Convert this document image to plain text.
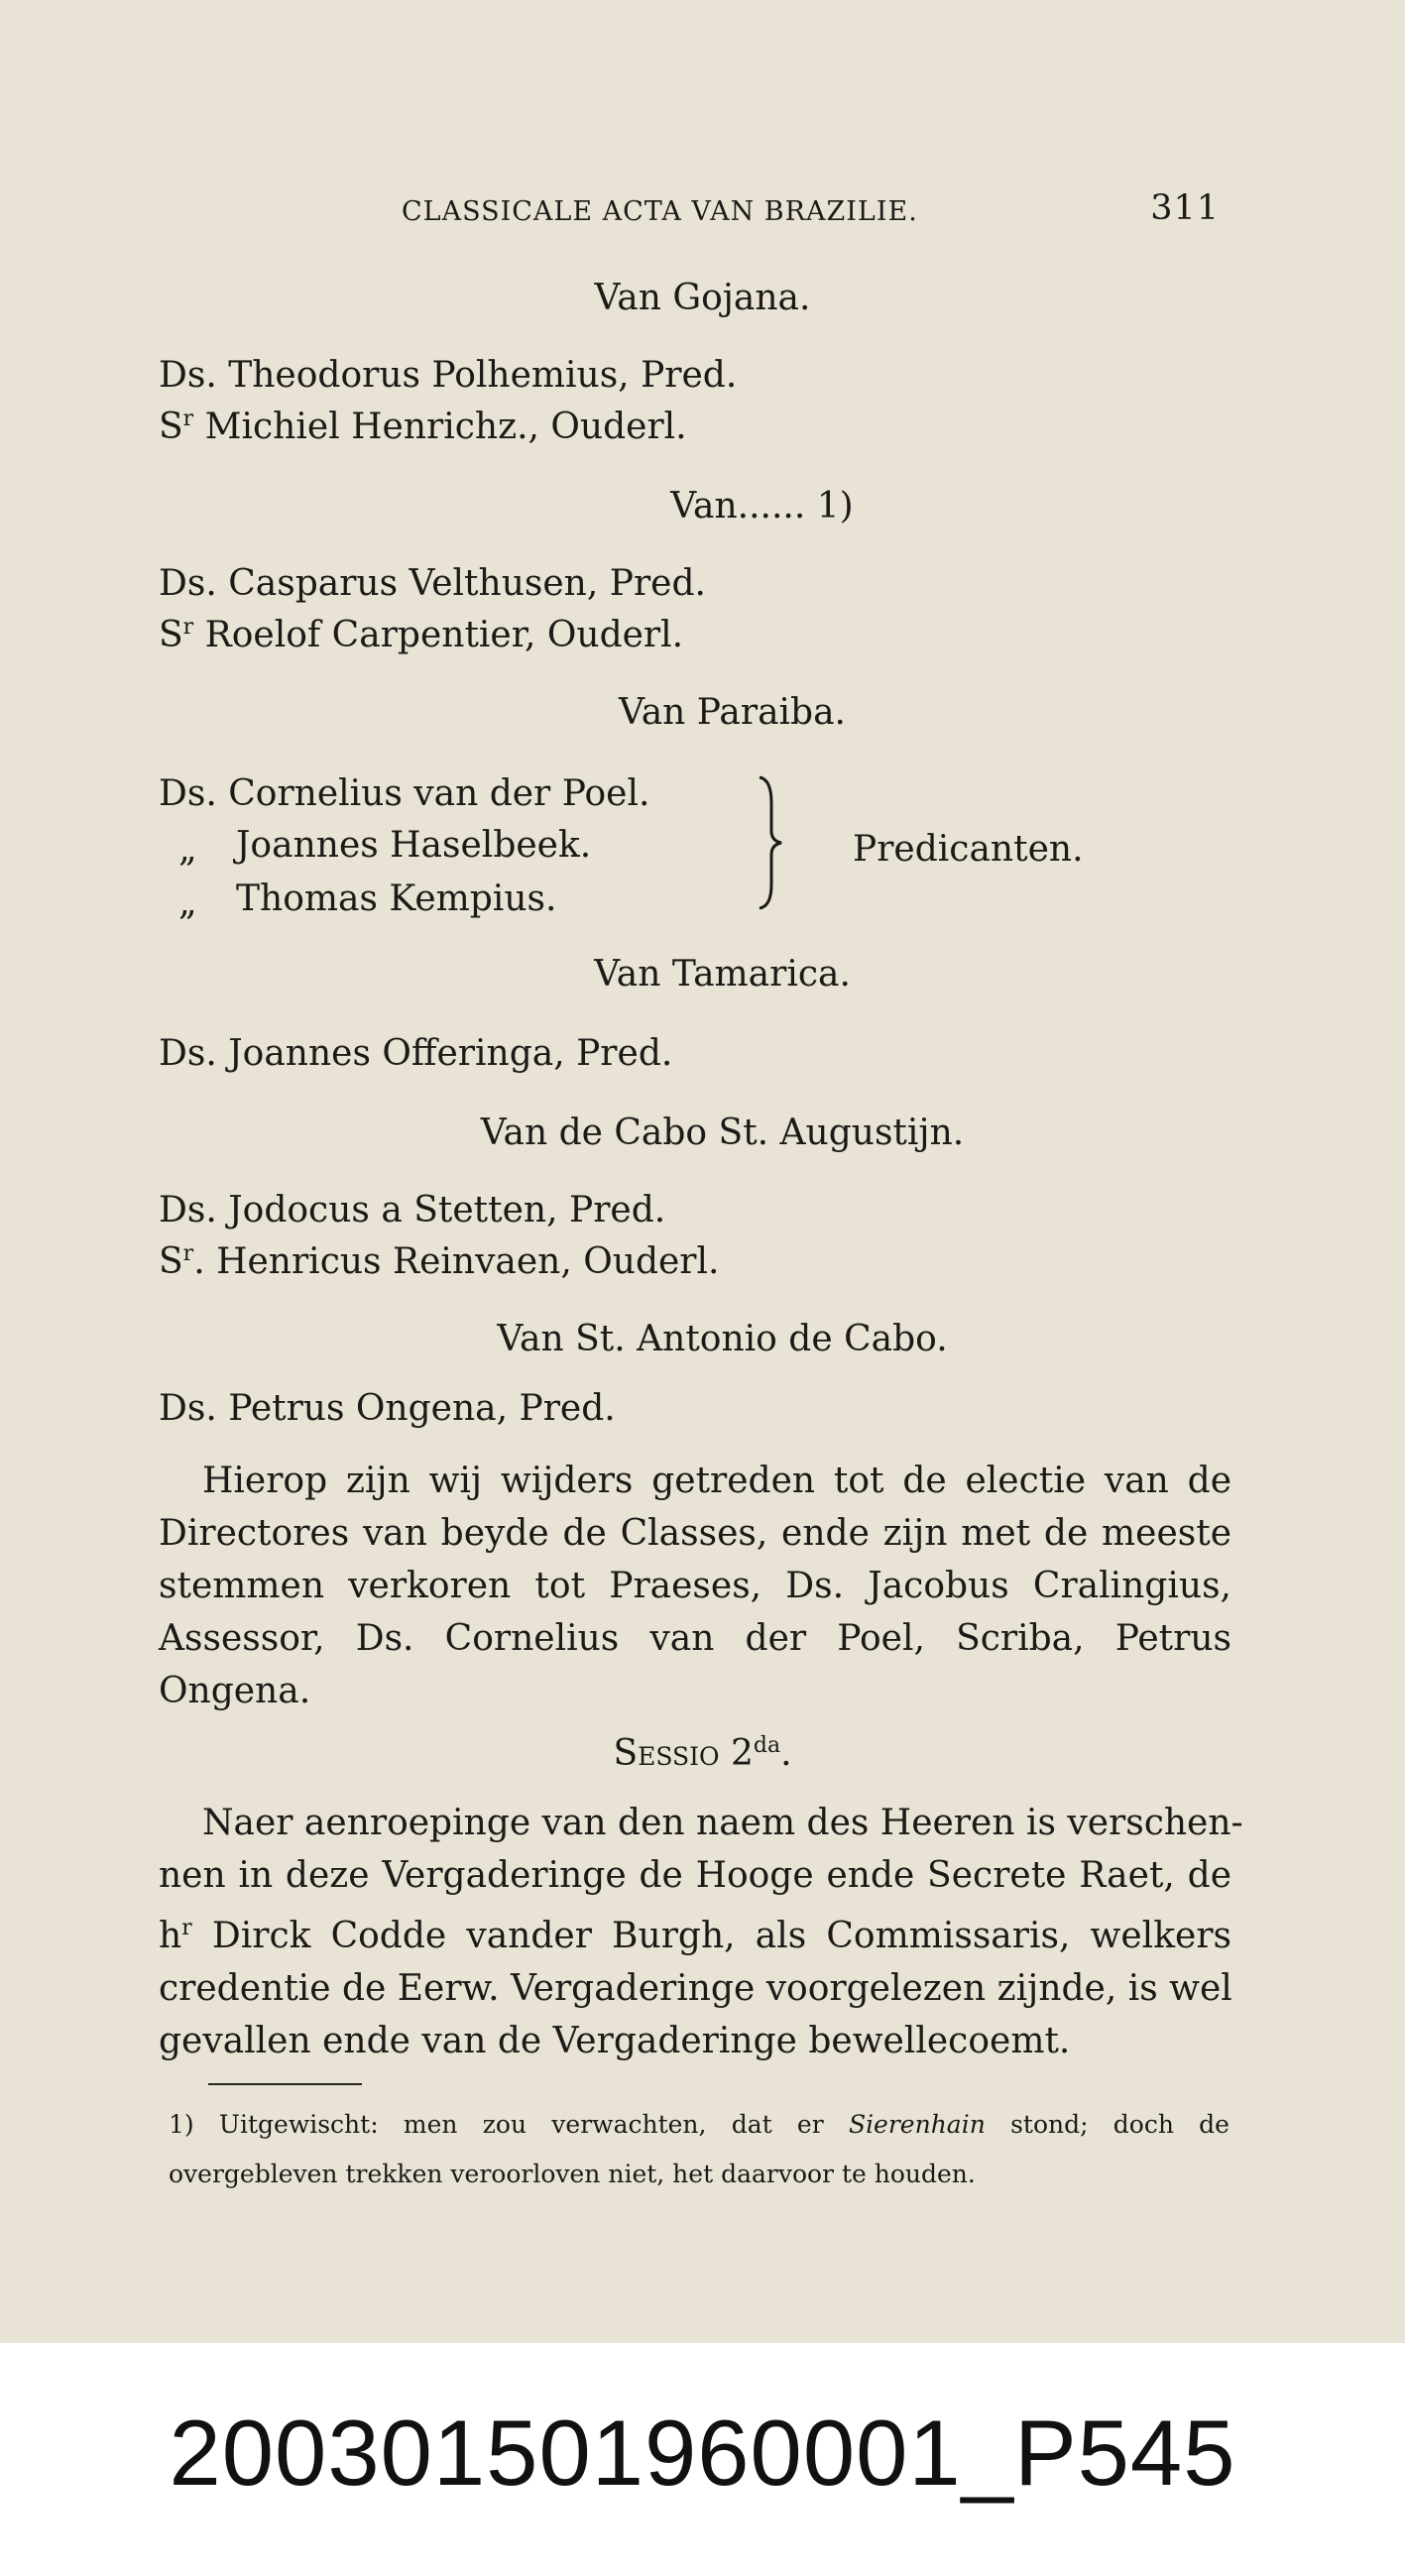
CLASSICALE ACTA VAN BRAZILIE.	311
Van Gojana.
Ds. Theodorus Polhemius, Pred.
$S^r$ Michiel Henrichz., Ouderl.
Van...... 1)
Ds. Casparus Velthusen, Pred.
$S^r$ Roelof Carpentier, Ouderl.
Van Paraiba.
Ds. Cornelius van der Poel.
„ Joannes Haselbeek.
„ Thomas Kempius.
Predicanten.
Van Tamarica.
Ds. Joannes Offeringa, Pred.
Van de Cabo St. Augustijn.
Ds. Jodocus a Stetten, Pred.
$S^r$. Henricus Reinvaen, Ouderl.
Van St. Antonio de Cabo.
Ds. Petrus Ongena, Pred.
Hierop zijn wij wijders getreden tot de electie van de
Directores van beyde de Classes, ende zijn met de meeste
stemmen verkoren tot Praeses, Ds. Jacobus Cralingius,
Assessor, Ds. Cornelius van der Poel, Scriba, Petrus
Ongena.
Sessio $2^{da}$.
Naer aenroepinge van den naem des Heeren is verschen-
nen in deze Vergaderinge de Hooge ende Secrete Raet, de
$h^r$ Dirck Codde vander Burgh, als Commissaris, welkers
credentie de Eerw. Vergaderinge voorgelezen zijnde, is wel
gevallen ende van de Vergaderinge bewellecoemt.
1) Uitgewischt: men zou verwachten, dat er Sierenhain stond; doch de
overgebleven trekken veroorloven niet, het daarvoor te houden.
20030150196000‌1_P545
